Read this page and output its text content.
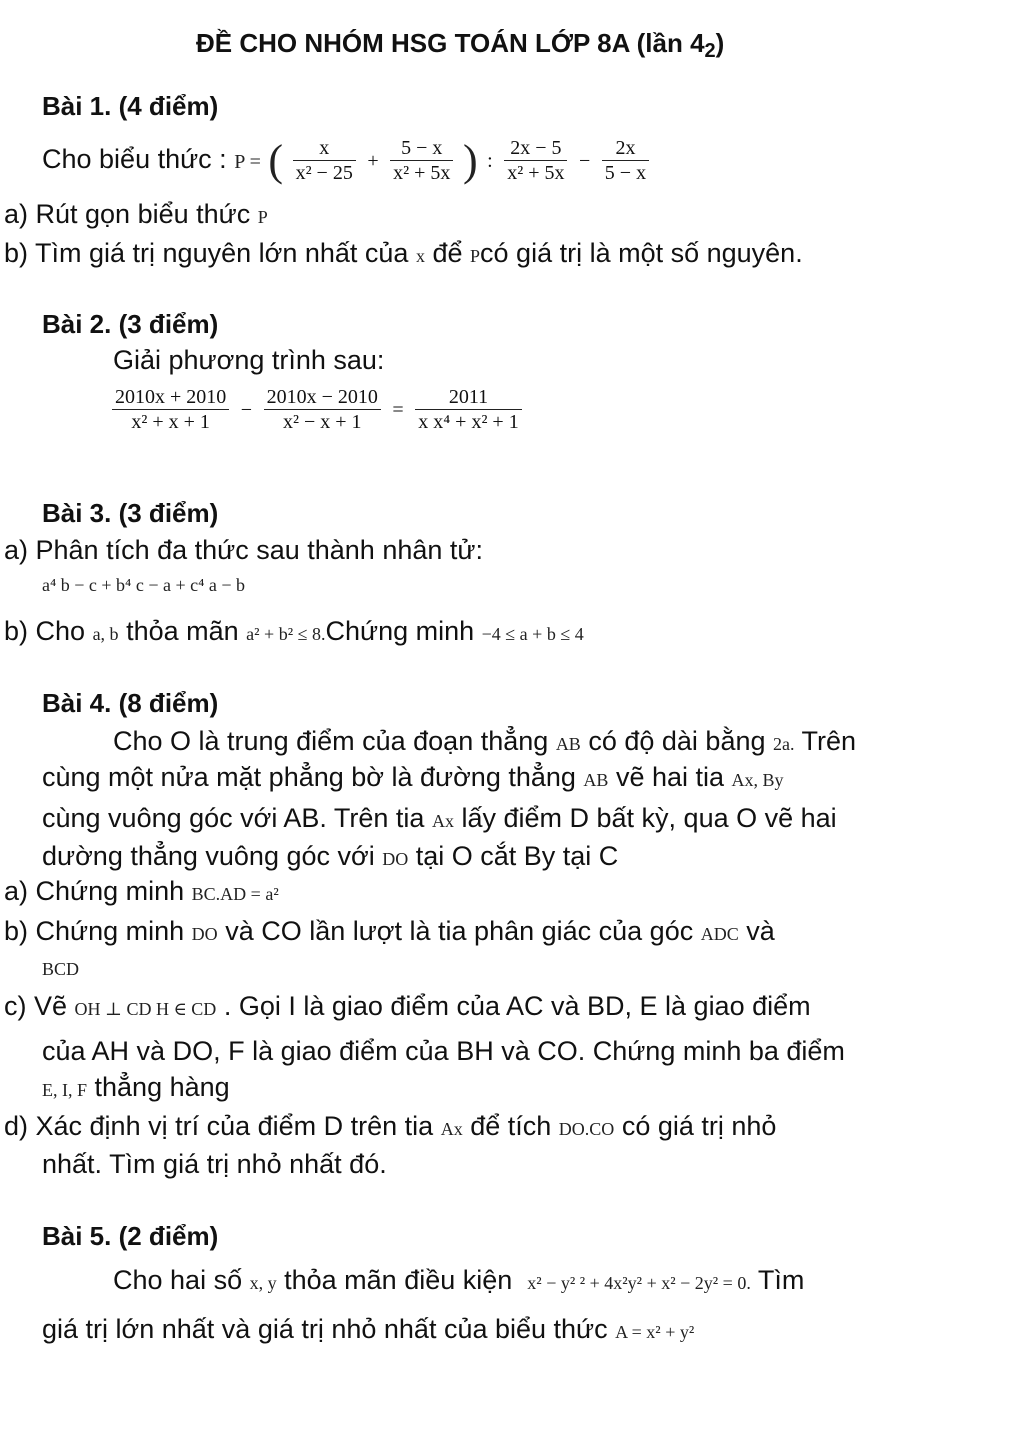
ĐỀ CHO NHÓM HSG TOÁN LỚP 8A (lần 42)
Bài 1. (4 điểm)
Cho biểu thức : P = ( $\frac{x}{\text{x² − 25}} + \frac{5 - x}{\text{x² + 5x}}$ ) : $\frac{2x - 5}{\text{x² + 5x}} - \frac{2x}{5 - x}$
a) Rút gọn biểu thức P
b) Tìm giá trị nguyên lớn nhất của x để Pcó giá trị là một số nguyên.
Bài 2. (3 điểm)
Giải phương trình sau:
$\frac{2010x + 2010}{\text{x² + x + 1}} - \frac{2010x - 2010}{\text{x² − x + 1}} = \frac{2011}{\text{x x⁴ + x² + 1}}$
Bài 3. (3 điểm)
a) Phân tích đa thức sau thành nhân tử:
a⁴ b − c + b⁴ c − a + c⁴ a − b
b) Cho a, b thỏa mãn a² + b² ≤ 8.Chứng minh −4 ≤ a + b ≤ 4
Bài 4. (8 điểm)
Cho O là trung điểm của đoạn thẳng AB có độ dài bằng 2a. Trên
cùng một nửa mặt phẳng bờ là đường thẳng AB vẽ hai tia Ax, By
cùng vuông góc với AB. Trên tia Ax lấy điểm D bất kỳ, qua O vẽ hai
dường thẳng vuông góc với DO tại O cắt By tại C
a) Chứng minh BC.AD = a²
b) Chứng minh DO và CO lần lượt là tia phân giác của góc ADC và
BCD
c) Vẽ OH ⊥ CD H ∈ CD . Gọi I là giao điểm của AC và BD, E là giao điểm
của AH và DO, F là giao điểm của BH và CO. Chứng minh ba điểm
E, I, F thẳng hàng
d) Xác định vị trí của điểm D trên tia Ax để tích DO.CO có giá trị nhỏ
nhất. Tìm giá trị nhỏ nhất đó.
Bài 5. (2 điểm)
Cho hai số x, y thỏa mãn điều kiện x² − y² ² + 4x²y² + x² − 2y² = 0. Tìm
giá trị lớn nhất và giá trị nhỏ nhất của biểu thức A = x² + y²
